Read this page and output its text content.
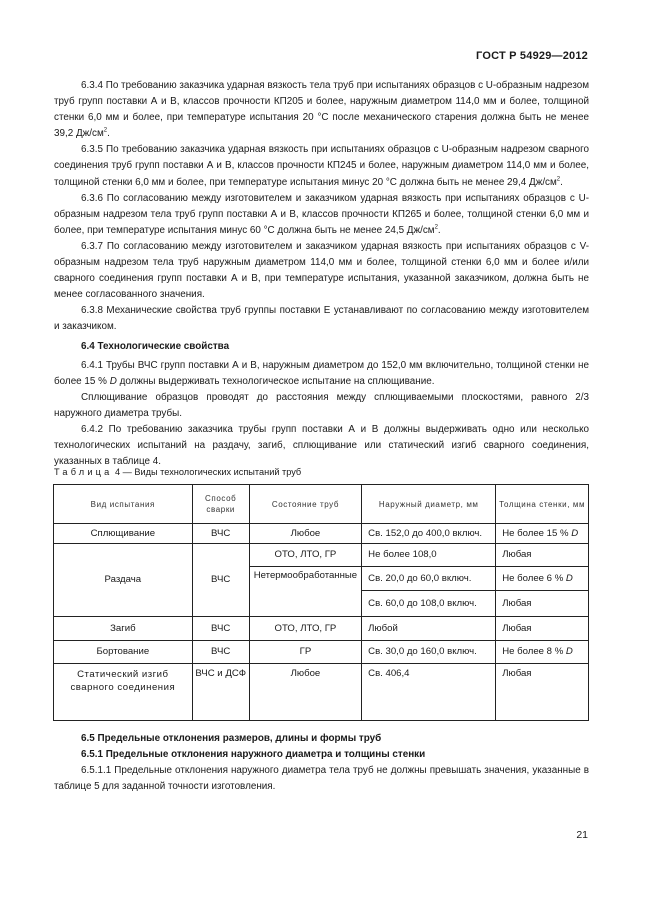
ГОСТ Р 54929—2012

6.3.4 По требованию заказчика ударная вязкость тела труб при испытаниях образцов с U-образным надрезом труб групп поставки А и В, классов прочности КП205 и более, наружным диаметром 114,0 мм и более, толщиной стенки 6,0 мм и более, при температуре испытания 20 °С после механического старения должна быть не менее 39,2 $Дж/см^2$.

6.3.5 По требованию заказчика ударная вязкость при испытаниях образцов с U-образным надрезом сварного соединения труб групп поставки А и В, классов прочности КП245 и более, наружным диаметром 114,0 мм и более, толщиной стенки 6,0 мм и более, при температуре испытания минус 20 °С должна быть не менее 29,4 $Дж/см^2$.

6.3.6 По согласованию между изготовителем и заказчиком ударная вязкость при испытаниях образцов с U-образным надрезом тела труб групп поставки А и В, классов прочности КП265 и более, толщиной стенки 6,0 мм и более, при температуре испытания минус 60 °С должна быть не менее 24,5 $Дж/см^2$.

6.3.7 По согласованию между изготовителем и заказчиком ударная вязкость при испытаниях образцов с V-образным надрезом тела труб наружным диаметром 114,0 мм и более, толщиной стенки 6,0 мм и более и/или сварного соединения групп поставки А и В, при температуре испытания, указанной заказчиком, должна быть не менее согласованного значения.

6.3.8 Механические свойства труб группы поставки Е устанавливают по согласованию между изготовителем и заказчиком.

6.4 Технологические свойства

6.4.1 Трубы ВЧС групп поставки А и В, наружным диаметром до 152,0 мм включительно, толщиной стенки не более 15 % D должны выдерживать технологическое испытание на сплющивание.

Сплющивание образцов проводят до расстояния между сплющиваемыми плоскостями, равного 2/3 наружного диаметра трубы.

6.4.2 По требованию заказчика трубы групп поставки А и В должны выдерживать одно или несколько технологических испытаний на раздачу, загиб, сплющивание или статический изгиб сварного соединения, указанных в таблице 4.

Таблица 4 — Виды технологических испытаний труб
Вид испытания	Способ сварки	Состояние труб	Наружный диаметр, мм	Толщина стенки, мм
Сплющивание	ВЧС	Любое	Св. 152,0 до 400,0 включ.	Не более 15 % D
Раздача	ВЧС	ОТО, ЛТО, ГР	Не более 108,0	Любая
		Нетермообработанные	Св. 20,0 до 60,0 включ.	Не более 6 % D
			Св. 60,0 до 108,0 включ.	Любая
Загиб	ВЧС	ОТО, ЛТО, ГР	Любой	Любая
Бортование	ВЧС	ГР	Св. 30,0 до 160,0 включ.	Не более 8 % D
Статический изгиб сварного соединения	ВЧС и ДСФ	Любое	Св. 406,4	Любая
6.5 Предельные отклонения размеров, длины и формы труб
6.5.1 Предельные отклонения наружного диаметра и толщины стенки

6.5.1.1 Предельные отклонения наружного диаметра тела труб не должны превышать значения, указанные в таблице 5 для заданной точности изготовления.

21
